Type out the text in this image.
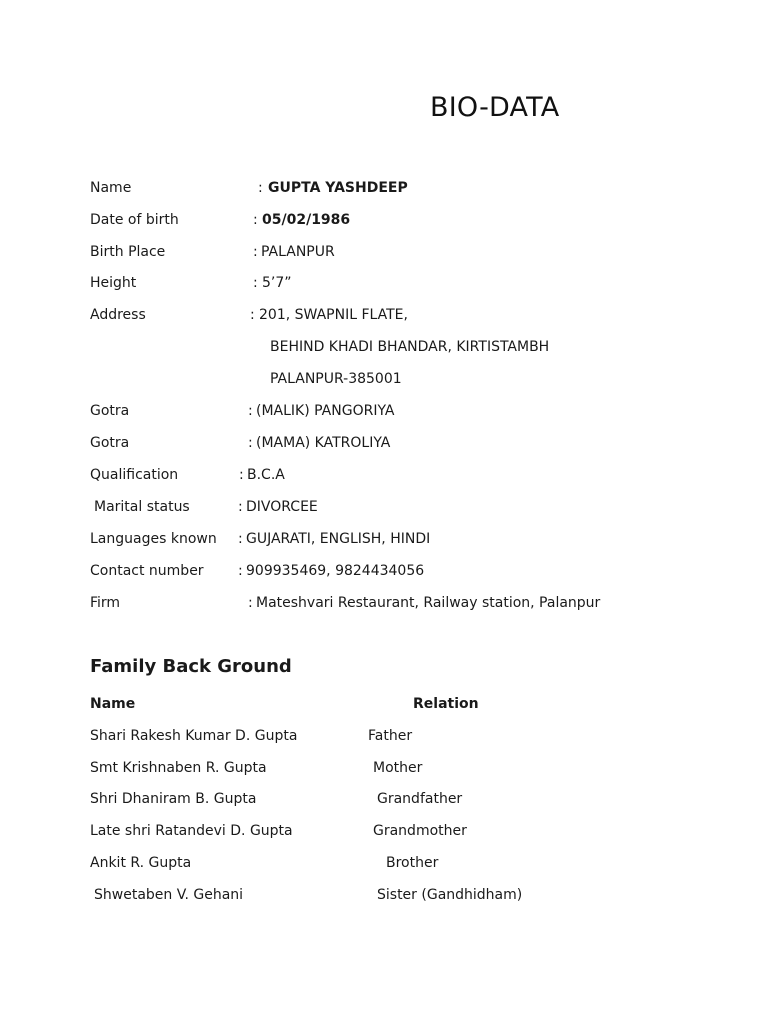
BIO-DATA
Name	: GUPTA YASHDEEP
Date of birth	: 05/02/1986
Birth Place	: PALANPUR
Height	: 5’7”
Address	: 201, SWAPNIL FLATE,
BEHIND KHADI BHANDAR, KIRTISTAMBH
PALANPUR-385001
Gotra	: (MALIK) PANGORIYA
Gotra	: (MAMA) KATROLIYA
Qualification	: B.C.A
Marital status	: DIVORCEE
Languages known : GUJARATI, ENGLISH, HINDI
Contact number : 909935469, 9824434056
Firm	: Mateshvari Restaurant, Railway station, Palanpur
Family Back Ground
Name	Relation
Shari Rakesh Kumar D. Gupta	Father
Smt Krishnaben R. Gupta	Mother
Shri Dhaniram B. Gupta	Grandfather
Late shri Ratandevi D. Gupta	Grandmother
Ankit R. Gupta	Brother
Shwetaben V. Gehani	Sister (Gandhidham)
